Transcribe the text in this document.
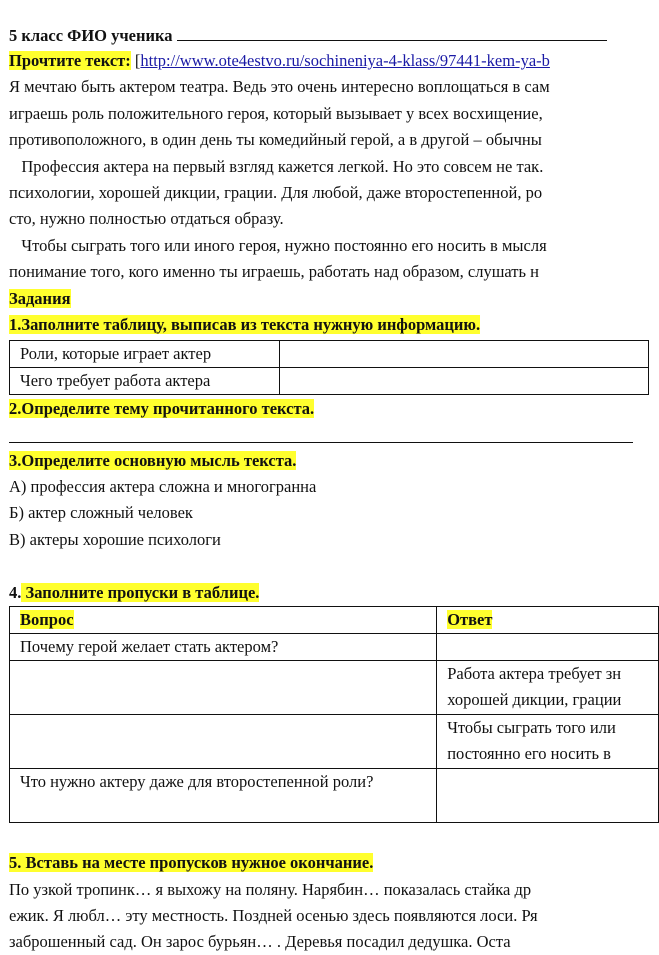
5 класс ФИО ученика
Прочтите текст: [http://www.ote4estvo.ru/sochineniya-4-klass/97441-kem-ya-b
Я мечтаю быть актером театра. Ведь это очень интересно воплощаться в сам
играешь роль положительного героя, который вызывает у всех восхищение,
противоположного, в один день ты комедийный герой, а в другой – обычны
Профессия актера на первый взгляд кажется легкой. Но это совсем не так.
психологии, хорошей дикции, грации. Для любой, даже второстепенной, ро
сто, нужно полностью отдаться образу.
Чтобы сыграть того или иного героя, нужно постоянно его носить в мысля
понимание того, кого именно ты играешь, работать над образом, слушать н
Задания
1.Заполните таблицу, выписав из текста нужную информацию.
Роли, которые играет актер	
Чего требует работа актера	
2.Определите тему прочитанного текста.
3.Определите основную мысль текста.
А) профессия актера сложна и многогранна
Б) актер сложный человек
В) актеры хорошие психологи
4. Заполните пропуски в таблице.
Вопрос	Ответ
Почему герой желает стать актером?	
	Работа актера требует зн хорошей дикции, грации
	Чтобы сыграть того или постоянно его носить в
Что нужно актеру даже для второстепенной роли?	
5. Вставь на месте пропусков нужное окончание.
По узкой тропинк… я выхожу на поляну. Нарябин… показалась стайка др
ежик. Я любл… эту местность. Поздней осенью здесь появляются лоси. Ря
заброшенный сад. Он зарос бурьян… . Деревья посадил дедушка. Оста
